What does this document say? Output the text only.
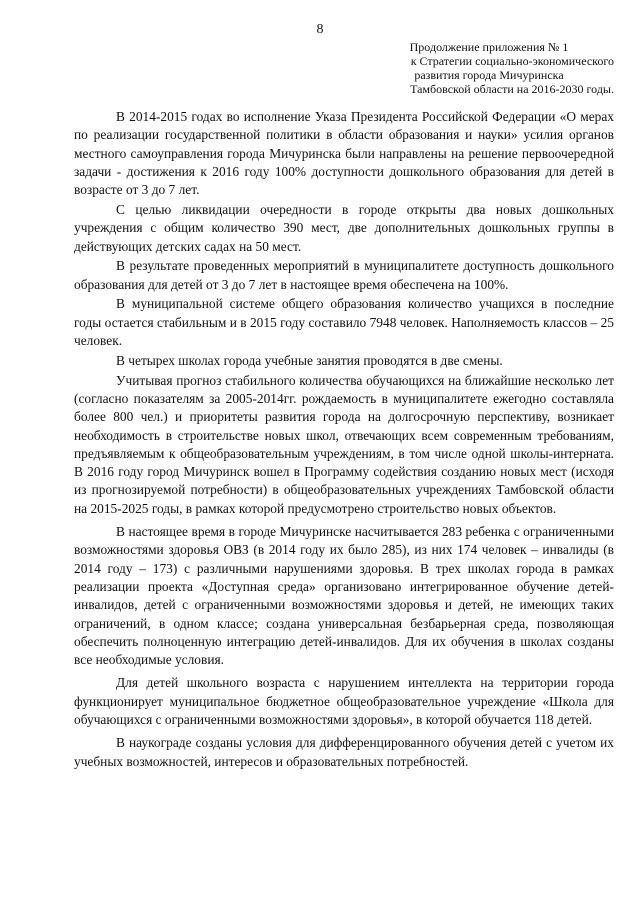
8
Продолжение приложения № 1
к Стратегии социально-экономического
развития города Мичуринска
Тамбовской области на 2016-2030 годы.

В 2014-2015 годах во исполнение Указа Президента Российской Федерации «О мерах по реализации государственной политики в области образования и науки» усилия органов местного самоуправления города Мичуринска были направлены на решение первоочередной задачи - достижения к 2016 году 100% доступности дошкольного образования для детей в возрасте от 3 до 7 лет.

С целью ликвидации очередности в городе открыты два новых дошкольных учреждения с общим количество 390 мест, две дополнительных дошкольных группы в действующих детских садах на 50 мест.

В результате проведенных мероприятий в муниципалитете доступность дошкольного образования для детей от 3 до 7 лет в настоящее время обеспечена на 100%.

В муниципальной системе общего образования количество учащихся в последние годы остается стабильным и в 2015 году составило 7948 человек. Наполняемость классов – 25 человек.

В четырех школах города учебные занятия проводятся в две смены.

Учитывая прогноз стабильного количества обучающихся на ближайшие несколько лет (согласно показателям за 2005-2014гг. рождаемость в муниципалитете ежегодно составляла более 800 чел.) и приоритеты развития города на долгосрочную перспективу, возникает необходимость в строительстве новых школ, отвечающих всем современным требованиям, предъявляемым к общеобразовательным учреждениям, в том числе одной школы-интерната. В 2016 году город Мичуринск вошел в Программу содействия созданию новых мест (исходя из прогнозируемой потребности) в общеобразовательных учреждениях Тамбовской области на 2015-2025 годы, в рамках которой предусмотрено строительство новых объектов.

В настоящее время в городе Мичуринске насчитывается 283 ребенка с ограниченными возможностями здоровья ОВЗ (в 2014 году их было 285), из них 174 человек – инвалиды (в 2014 году – 173) с различными нарушениями здоровья. В трех школах города в рамках реализации проекта «Доступная среда» организовано интегрированное обучение детей-инвалидов, детей с ограниченными возможностями здоровья и детей, не имеющих таких ограничений, в одном классе; создана универсальная безбарьерная среда, позволяющая обеспечить полноценную интеграцию детей-инвалидов. Для их обучения в школах созданы все необходимые условия.

Для детей школьного возраста с нарушением интеллекта на территории города функционирует муниципальное бюджетное общеобразовательное учреждение «Школа для обучающихся с ограниченными возможностями здоровья», в которой обучается 118 детей.

В наукограде созданы условия для дифференцированного обучения детей с учетом их учебных возможностей, интересов и образовательных потребностей.
